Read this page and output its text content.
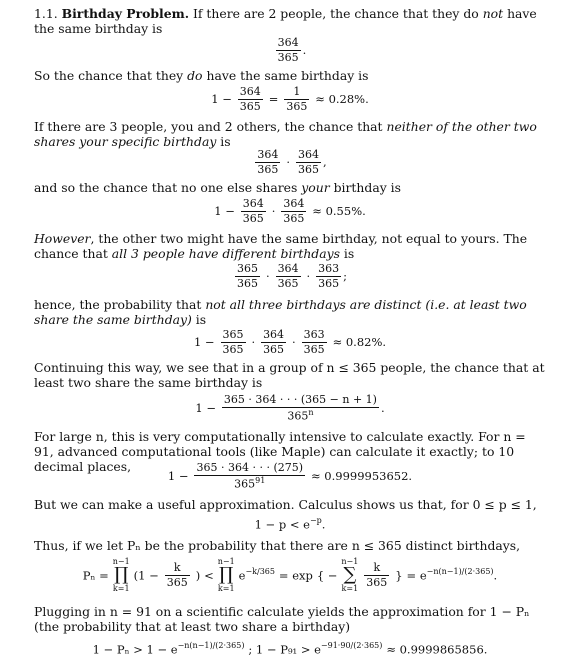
1.1. Birthday Problem. If there are 2 people, the chance that they do not have the same birthday is
$\frac{364}{365}$ .
So the chance that they do have the same birthday is
$1 - \frac{364}{365} = \frac{1}{365} \approx 0.28\%$.
If there are 3 people, you and 2 others, the chance that neither of the other two shares your specific birthday is
$\frac{364}{365} \cdot \frac{364}{365}$ ,
and so the chance that no one else shares your birthday is
$1 - \frac{364}{365} \cdot \frac{364}{365} \approx 0.55\%$.
However, the other two might have the same birthday, not equal to yours. The chance that all 3 people have different birthdays is
$\frac{365}{365} \cdot \frac{364}{365} \cdot \frac{363}{365}$ ;
hence, the probability that not all three birthdays are distinct (i.e. at least two share the same birthday) is
$1 - \frac{365}{365} \cdot \frac{364}{365} \cdot \frac{363}{365} \approx 0.82\%$.
Continuing this way, we see that in a group of n ≤ 365 people, the chance that at least two share the same birthday is
$1 - \frac{365 \cdot 364 \cdot \cdot \cdot (365 - n + 1)}{365^n}$ .
For large n, this is very computationally intensive to calculate exactly. For n = 91, advanced computational tools (like Maple) can calculate it exactly; to 10 decimal places,
$1 - \frac{365 \cdot 364 \cdot \cdot \cdot (275)}{365^{91}} \approx 0.9999953652$.
But we can make a useful approximation. Calculus shows us that, for 0 ≤ p ≤ 1,
$1 - p < e^{-p}$.
Thus, if we let Pₙ be the probability that there are n ≤ 365 distinct birthdays,
Pₙ = n−1
∏
k=1 ($1 - \frac{k}{365}$ ) < n−1
∏
k=1 $e^{-k/365} = \exp$ { − n−1
∑
$k=1 \frac{k}{365}$ } = $e^{-n(n-1)/(2\cdot 365)}$.
Plugging in n = 91 on a scientific calculate yields the approximation for 1 − Pₙ (the probability that at least two share a birthday)
$1 - P_n > 1 - e^{-n(n-1)/(2\cdot 365)}$ ; $1 - P_{91} > e^{-91\cdot 90/(2\cdot 365)} \approx 0.9999865856$.
